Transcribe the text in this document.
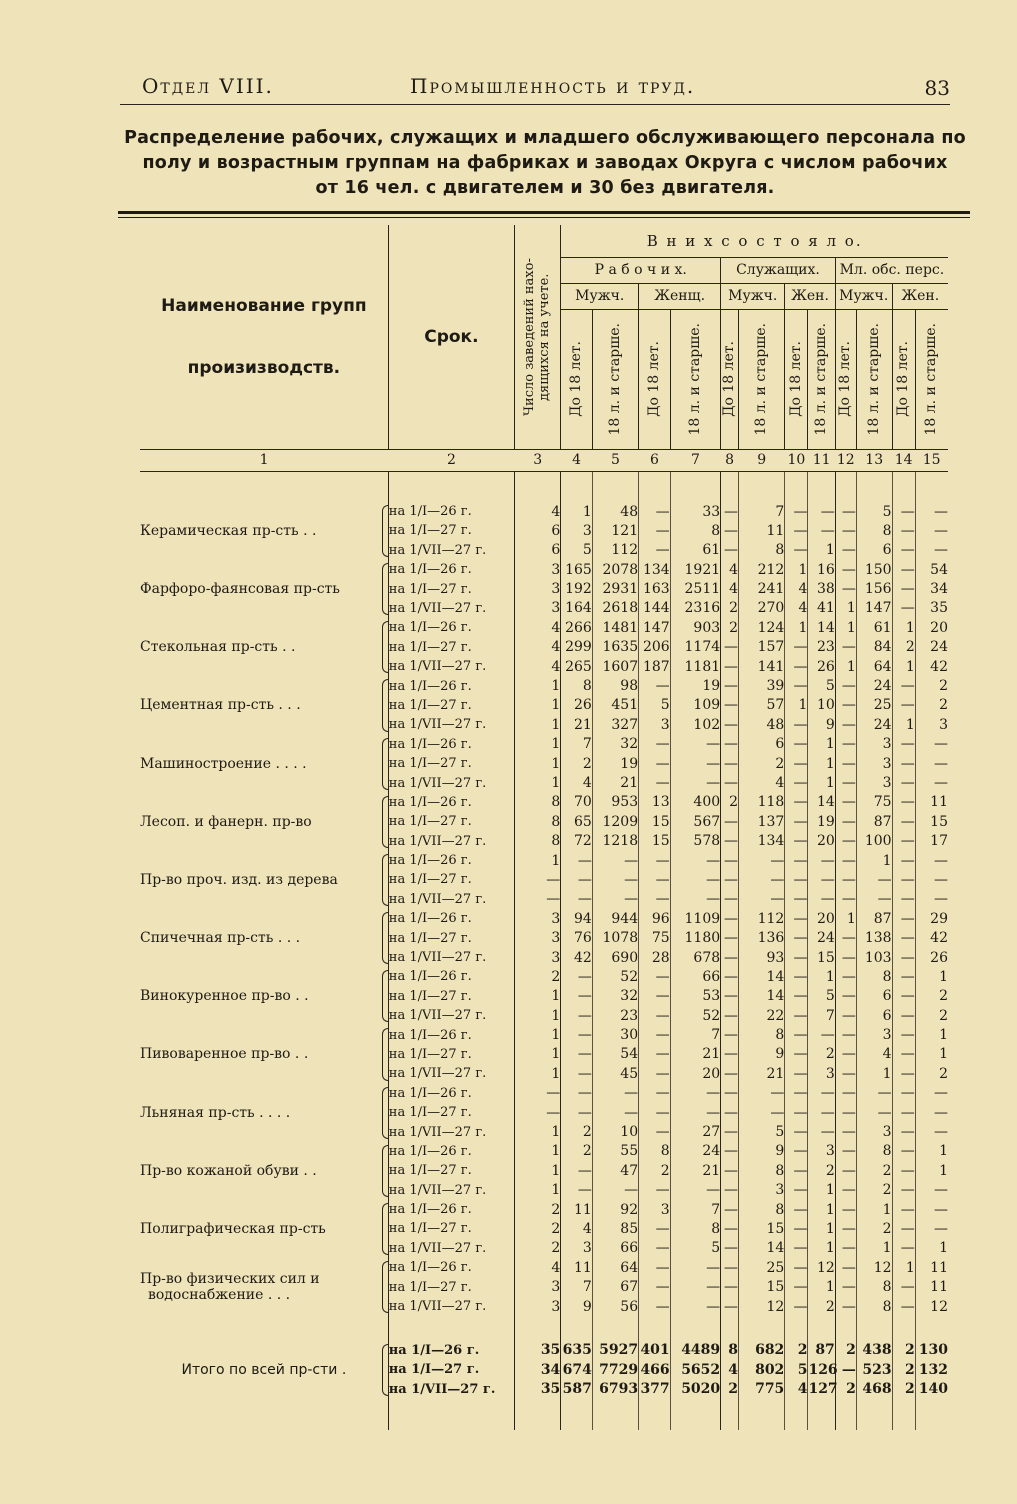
Отдел VIII.	Промышленность и труд.	83
Распределение рабочих, служащих и младшего обслуживающего персонала по
полу и возрастным группам на фабриках и заводах Округа с числом рабочих
от 16 чел. с двигателем и 30 без двигателя.
Наименование групп произизводств.	Срок.	Число заведений нахо-дящихся на учете.	В н и х с о с т о я л о.											
			Р а б о ч и х.				Служащих.				Мл. обс. перс.			
			Мужч.		Женщ.		Мужч.		Жен.		Мужч.		Жен.	

			До 18 лет.	18 л. и старше.	До 18 лет.	18 л. и старше.	До 18 лет.	18 л. и старше.	До 18 лет.	18 л. и старше.	До 18 лет.	18 л. и старше.	До 18 лет.	18 л. и старше.

1	2	3	4	5	6	7	8	9	10	11	12	13	14	15

Керамическая пр-сть . .	на 1/I—26 г.	4	1	48	—	33	—	7	—	—	—	5	—	—
	на 1/I—27 г.	6	3	121	—	8	—	11	—	—	—	8	—	—
	на 1/VII—27 г.	6	5	112	—	61	—	8	—	1	—	6	—	—

Фарфоро-фаянсовая пр-сть	на 1/I—26 г.	3	165	2078	134	1921	4	212	1	16	—	150	—	54
	на 1/I—27 г.	3	192	2931	163	2511	4	241	4	38	—	156	—	34
	на 1/VII—27 г.	3	164	2618	144	2316	2	270	4	41	1	147	—	35

Стекольная пр-сть . .	на 1/I—26 г.	4	266	1481	147	903	2	124	1	14	1	61	1	20
	на 1/I—27 г.	4	299	1635	206	1174	—	157	—	23	—	84	2	24
	на 1/VII—27 г.	4	265	1607	187	1181	—	141	—	26	1	64	1	42

Цементная пр-сть . . .	на 1/I—26 г.	1	8	98	—	19	—	39	—	5	—	24	—	2
	на 1/I—27 г.	1	26	451	5	109	—	57	1	10	—	25	—	2
	на 1/VII—27 г.	1	21	327	3	102	—	48	—	9	—	24	1	3

Машиностроение . . . .	на 1/I—26 г.	1	7	32	—	—	—	6	—	1	—	3	—	—
	на 1/I—27 г.	1	2	19	—	—	—	2	—	1	—	3	—	—
	на 1/VII—27 г.	1	4	21	—	—	—	4	—	1	—	3	—	—

Лесоп. и фанерн. пр-во	на 1/I—26 г.	8	70	953	13	400	2	118	—	14	—	75	—	11
	на 1/I—27 г.	8	65	1209	15	567	—	137	—	19	—	87	—	15
	на 1/VII—27 г.	8	72	1218	15	578	—	134	—	20	—	100	—	17

Пр-во проч. изд. из дерева	на 1/I—26 г.	1	—	—	—	—	—	—	—	—	—	1	—	—
	на 1/I—27 г.	—	—	—	—	—	—	—	—	—	—	—	—	—
	на 1/VII—27 г.	—	—	—	—	—	—	—	—	—	—	—	—	—

Спичечная пр-сть . . .	на 1/I—26 г.	3	94	944	96	1109	—	112	—	20	1	87	—	29
	на 1/I—27 г.	3	76	1078	75	1180	—	136	—	24	—	138	—	42
	на 1/VII—27 г.	3	42	690	28	678	—	93	—	15	—	103	—	26

Винокуренное пр-во . .	на 1/I—26 г.	2	—	52	—	66	—	14	—	1	—	8	—	1
	на 1/I—27 г.	1	—	32	—	53	—	14	—	5	—	6	—	2
	на 1/VII—27 г.	1	—	23	—	52	—	22	—	7	—	6	—	2

Пивоваренное пр-во . .	на 1/I—26 г.	1	—	30	—	7	—	8	—	—	—	3	—	1
	на 1/I—27 г.	1	—	54	—	21	—	9	—	2	—	4	—	1
	на 1/VII—27 г.	1	—	45	—	20	—	21	—	3	—	1	—	2

Льняная пр-сть . . . .	на 1/I—26 г.	—	—	—	—	—	—	—	—	—	—	—	—	—
	на 1/I—27 г.	—	—	—	—	—	—	—	—	—	—	—	—	—
	на 1/VII—27 г.	1	2	10	—	27	—	5	—	—	—	3	—	—

Пр-во кожаной обуви . .	на 1/I—26 г.	1	2	55	8	24	—	9	—	3	—	8	—	1
	на 1/I—27 г.	1	—	47	2	21	—	8	—	2	—	2	—	1
	на 1/VII—27 г.	1	—	—	—	—	—	3	—	1	—	2	—	—

Полиграфическая пр-сть	на 1/I—26 г.	2	11	92	3	7	—	8	—	1	—	1	—	—
	на 1/I—27 г.	2	4	85	—	8	—	15	—	1	—	2	—	—
	на 1/VII—27 г.	2	3	66	—	5	—	14	—	1	—	1	—	1

Пр-во физических сил и
водоснабжение . . .	на 1/I—26 г.	4	11	64	—	—	—	25	—	12	—	12	1	11
	на 1/I—27 г.	3	7	67	—	—	—	15	—	1	—	8	—	11
	на 1/VII—27 г.	3	9	56	—	—	—	12	—	2	—	8	—	12

Итого по всей пр-сти .	на 1/I—26 г.	35	635	5927	401	4489	8	682	2	87	2	438	2	130
	на 1/I—27 г.	34	674	7729	466	5652	4	802	5	126	—	523	2	132
	на 1/VII—27 г.	35	587	6793	377	5020	2	775	4	127	2	468	2	140
